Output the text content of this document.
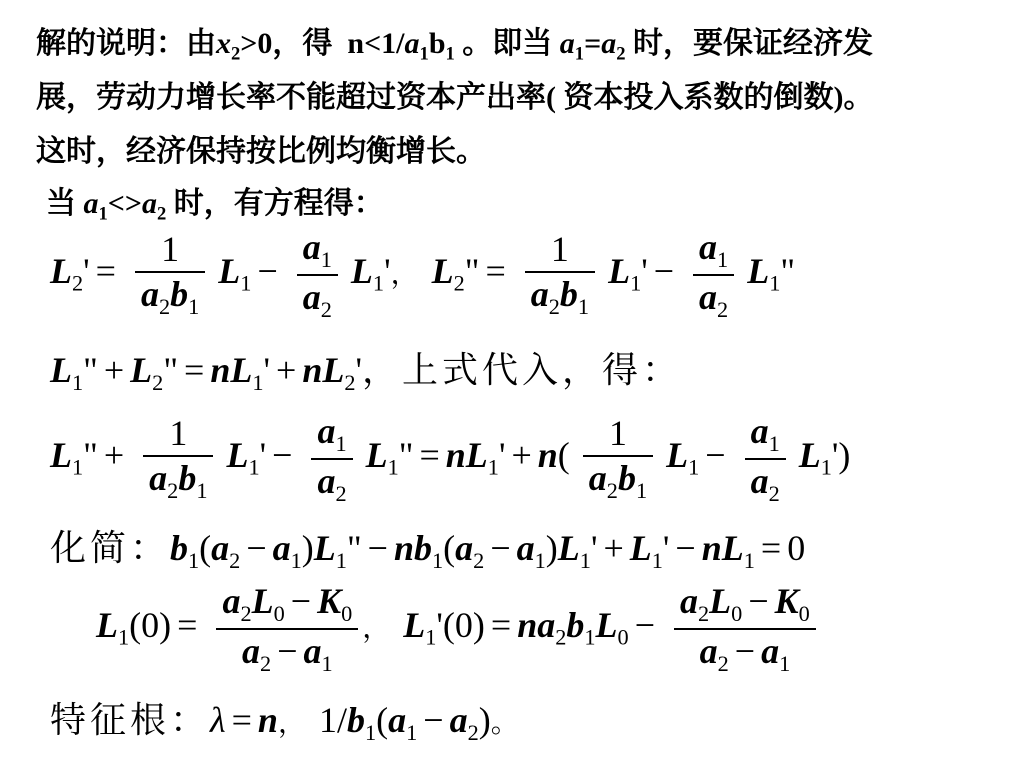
解的说明：由$x_2>0$，得  $n<1/a_1b_1$ 。即当 $a_1=a_2$ 时，要保证经济发
展，劳动力增长率不能超过资本产出率( 资本投入系数的倒数)。
这时，经济保持按比例均衡增长。
当 $a_1<>a_2$ 时，有方程得：
$L_2' = \frac{1}{a_2b_1} L_1 - \frac{a_1}{a_2} L_1'$， $L_2$" = $\frac{1}{a_2b_1} L_1' - \frac{a_1}{a_2} L_1$"
$L_1$" + $L_2$" = $nL_1' + nL_2'$，上式代入，得：
$L_1$" + $\frac{1}{a_2b_1} L_1' - \frac{a_1}{a_2} L_1$" = $nL_1' + n( \frac{1}{a_2b_1} L_1 - \frac{a_1}{a_2} L_1')$
化简：$b_1(a_2 - a_1)L_1$" − $nb_1(a_2 - a_1)L_1' + L_1' - nL_1 = 0$
$L_1(0) = \frac{a_2L_0 - K_0}{a_2 - a_1}$ ， $L_1'(0) = na_2b_1L_0 - \frac{a_2L_0 - K_0}{a_2 - a_1}$
特征根：λ = n， $1/b_1(a_1 - a_2)$。
